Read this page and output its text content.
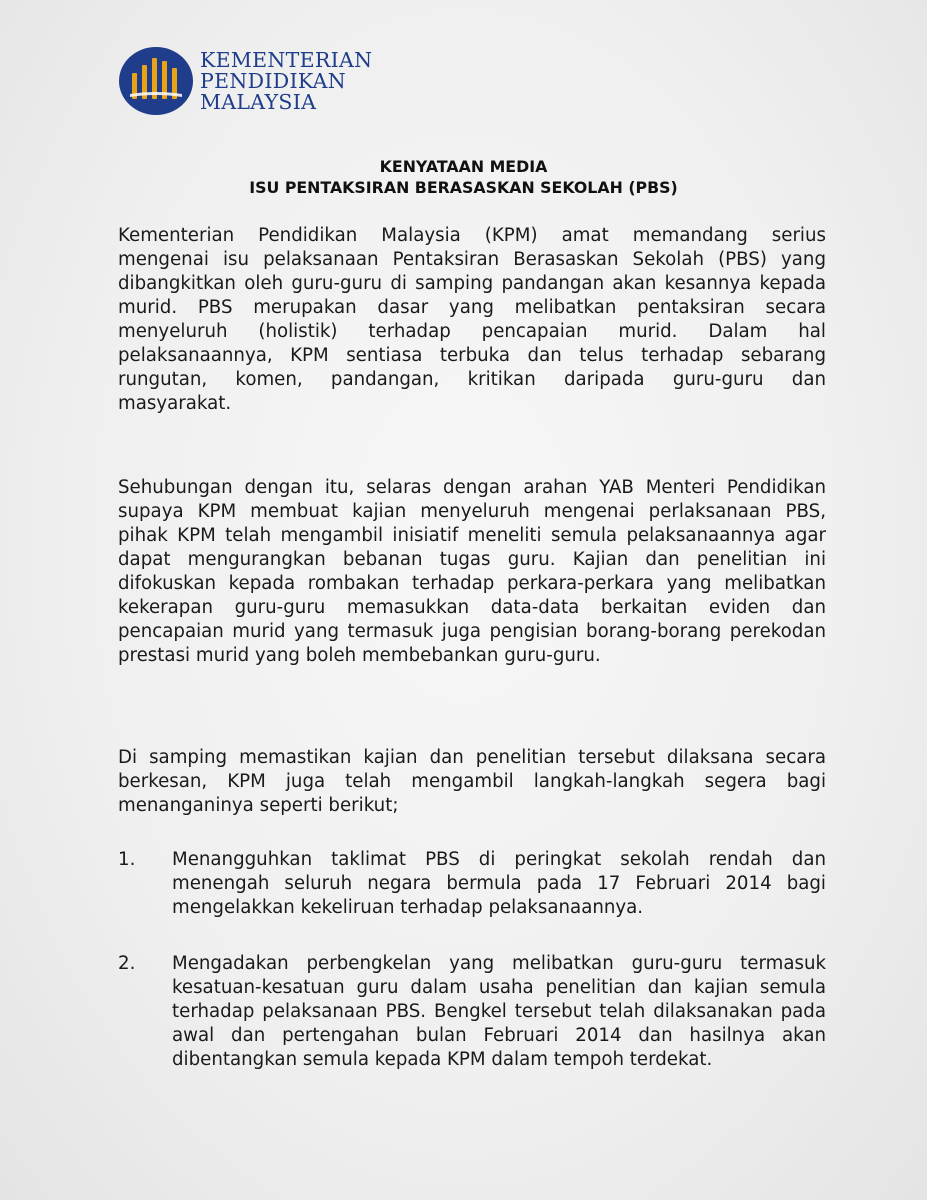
KEMENTERIAN
PENDIDIKAN
MALAYSIA
KENYATAAN MEDIA
ISU PENTAKSIRAN BERASASKAN SEKOLAH (PBS)
Kementerian Pendidikan Malaysia (KPM) amat memandang serius
mengenai isu pelaksanaan Pentaksiran Berasaskan Sekolah (PBS) yang
dibangkitkan oleh guru-guru di samping pandangan akan kesannya kepada
murid. PBS merupakan dasar yang melibatkan pentaksiran secara
menyeluruh (holistik) terhadap pencapaian murid. Dalam hal
pelaksanaannya, KPM sentiasa terbuka dan telus terhadap sebarang
rungutan, komen, pandangan, kritikan daripada guru-guru dan
masyarakat.
Sehubungan dengan itu, selaras dengan arahan YAB Menteri Pendidikan
supaya KPM membuat kajian menyeluruh mengenai perlaksanaan PBS,
pihak KPM telah mengambil inisiatif meneliti semula pelaksanaannya agar
dapat mengurangkan bebanan tugas guru. Kajian dan penelitian ini
difokuskan kepada rombakan terhadap perkara-perkara yang melibatkan
kekerapan guru-guru memasukkan data-data berkaitan eviden dan
pencapaian murid yang termasuk juga pengisian borang-borang perekodan
prestasi murid yang boleh membebankan guru-guru.
Di samping memastikan kajian dan penelitian tersebut dilaksana secara
berkesan, KPM juga telah mengambil langkah-langkah segera bagi
menanganinya seperti berikut;
1. Menangguhkan taklimat PBS di peringkat sekolah rendah dan
menengah seluruh negara bermula pada 17 Februari 2014 bagi
mengelakkan kekeliruan terhadap pelaksanaannya.
2. Mengadakan perbengkelan yang melibatkan guru-guru termasuk
kesatuan-kesatuan guru dalam usaha penelitian dan kajian semula
terhadap pelaksanaan PBS. Bengkel tersebut telah dilaksanakan pada
awal dan pertengahan bulan Februari 2014 dan hasilnya akan
dibentangkan semula kepada KPM dalam tempoh terdekat.
